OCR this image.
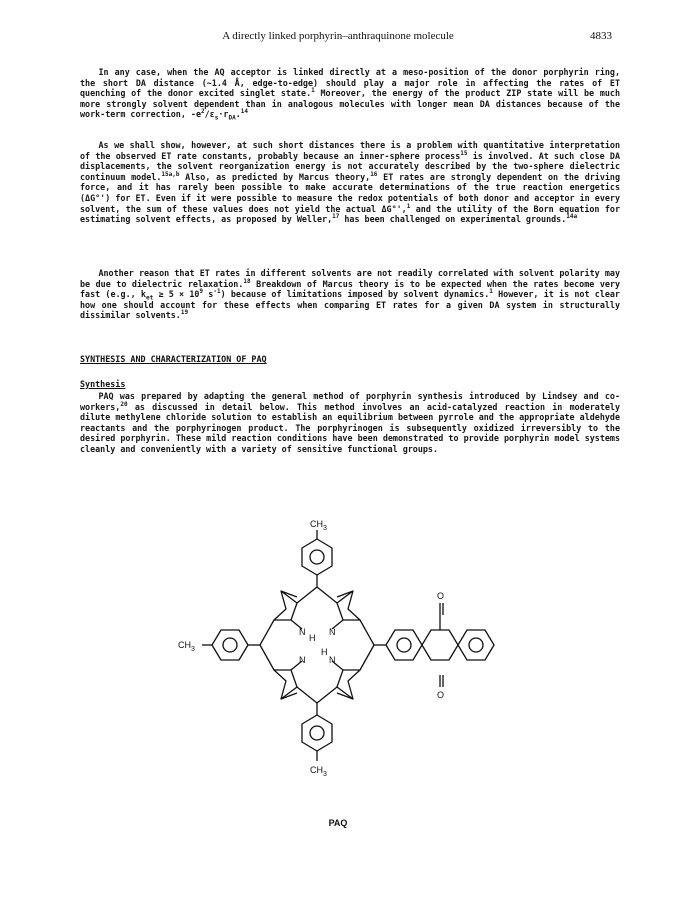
A directly linked porphyrin–anthraquinone molecule	4833

In any case, when the AQ acceptor is linked directly at a meso-position of the donor porphyrin ring, the short DA distance (~1.4 Å, edge-to-edge) should play a major role in affecting the rates of ET quenching of the donor excited singlet state.$^1$ Moreover, the energy of the product ZIP state will be much more strongly solvent dependent than in analogous molecules with longer mean DA distances because of the work-term correction, $-e^2/\varepsilon_s\cdot r_{DA}.^{14}$

As we shall show, however, at such short distances there is a problem with quantitative interpretation of the observed ET rate constants, probably because an inner-sphere process$^{15}$ is involved. At such close DA displacements, the solvent reorganization energy is not accurately described by the two-sphere dielectric continuum model.$^{15a,b}$ Also, as predicted by Marcus theory,$^{16}$ ET rates are strongly dependent on the driving force, and it has rarely been possible to make accurate determinations of the true reaction energetics (ΔG°') for ET. Even if it were possible to measure the redox potentials of both donor and acceptor in every solvent, the sum of these values does not yield the actual ΔG°',$^1$ and the utility of the Born equation for estimating solvent effects, as proposed by Weller,$^{17}$ has been challenged on experimental grounds.$^{14a}$

Another reason that ET rates in different solvents are not readily correlated with solvent polarity may be due to dielectric relaxation.$^{18}$ Breakdown of Marcus theory is to be expected when the rates become very fast (e.g., $k_{et} \ge 5 \times 10^9$ $s^{-1}$) because of limitations imposed by solvent dynamics.$^1$ However, it is not clear how one should account for these effects when comparing ET rates for a given DA system in structurally dissimilar solvents.$^{19}$

SYNTHESIS AND CHARACTERIZATION OF PAQ
Synthesis

PAQ was prepared by adapting the general method of porphyrin synthesis introduced by Lindsey and co-workers,$^{20}$ as discussed in detail below. This method involves an acid-catalyzed reaction in moderately dilute methylene chloride solution to establish an equilibrium between pyrrole and the appropriate aldehyde reactants and the porphyrinogen product. The porphyrinogen is subsequently oxidized irreversibly to the desired porphyrin. These mild reaction conditions have been demonstrated to provide porphyrin model systems cleanly and conveniently with a variety of sensitive functional groups.

$CH_3$
$CH_3$
$CH_3$
N	N
N	N
H
H
O
O
PAQ
